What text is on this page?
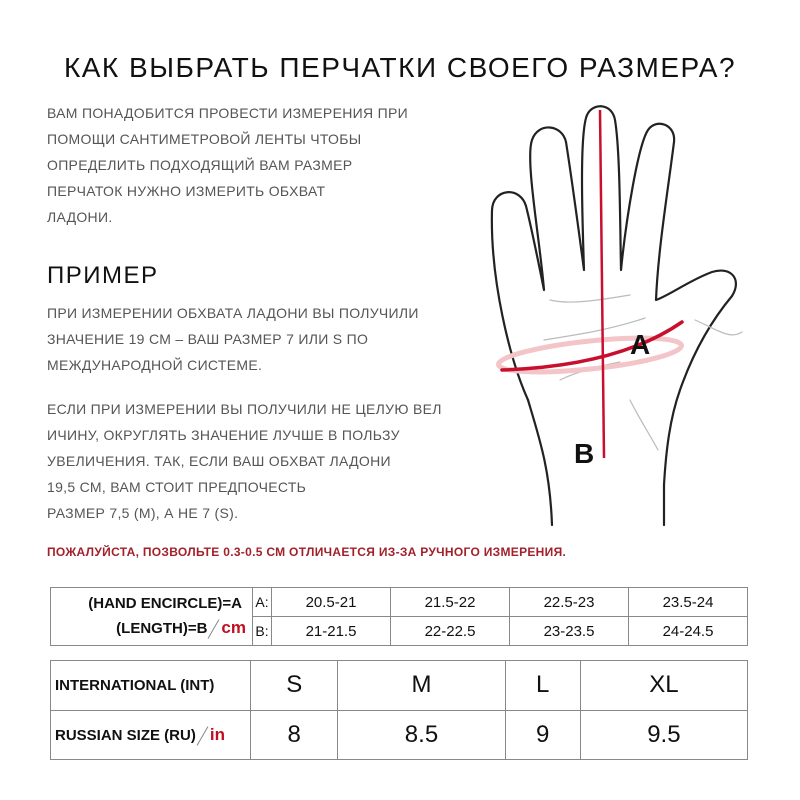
КАК ВЫБРАТЬ ПЕРЧАТКИ СВОЕГО РАЗМЕРА?
ВАМ ПОНАДОБИТСЯ ПРОВЕСТИ ИЗМЕРЕНИЯ ПРИ
ПОМОЩИ САНТИМЕТРОВОЙ ЛЕНТЫ ЧТОБЫ
ОПРЕДЕЛИТЬ ПОДХОДЯЩИЙ ВАМ РАЗМЕР
ПЕРЧАТОК НУЖНО ИЗМЕРИТЬ ОБХВАТ
ЛАДОНИ.
ПРИМЕР
ПРИ ИЗМЕРЕНИИ ОБХВАТА ЛАДОНИ ВЫ ПОЛУЧИЛИ
ЗНАЧЕНИЕ 19 СМ – ВАШ РАЗМЕР 7 ИЛИ S ПО
МЕЖДУНАРОДНОЙ СИСТЕМЕ.
ЕСЛИ ПРИ ИЗМЕРЕНИИ ВЫ ПОЛУЧИЛИ НЕ ЦЕЛУЮ ВЕЛ
ИЧИНУ, ОКРУГЛЯТЬ ЗНАЧЕНИЕ ЛУЧШЕ В ПОЛЬЗУ
УВЕЛИЧЕНИЯ. ТАК, ЕСЛИ ВАШ ОБХВАТ ЛАДОНИ
19,5 СМ, ВАМ СТОИТ ПРЕДПОЧЕСТЬ
РАЗМЕР 7,5 (М), А НЕ 7 (S).
A
B
ПОЖАЛУЙСТА, ПОЗВОЛЬТЕ 0.3-0.5 СМ ОТЛИЧАЕТСЯ ИЗ-ЗА РУЧНОГО ИЗМЕРЕНИЯ.
(HAND ENCIRCLE)=A
(LENGTH)=B cm	A:	20.5-21	21.5-22	22.5-23	23.5-24
	B:	21-21.5	22-22.5	23-23.5	24-24.5
INTERNATIONAL (INT)	S	M	L	XL
RUSSIAN SIZE (RU) in	8	8.5	9	9.5
